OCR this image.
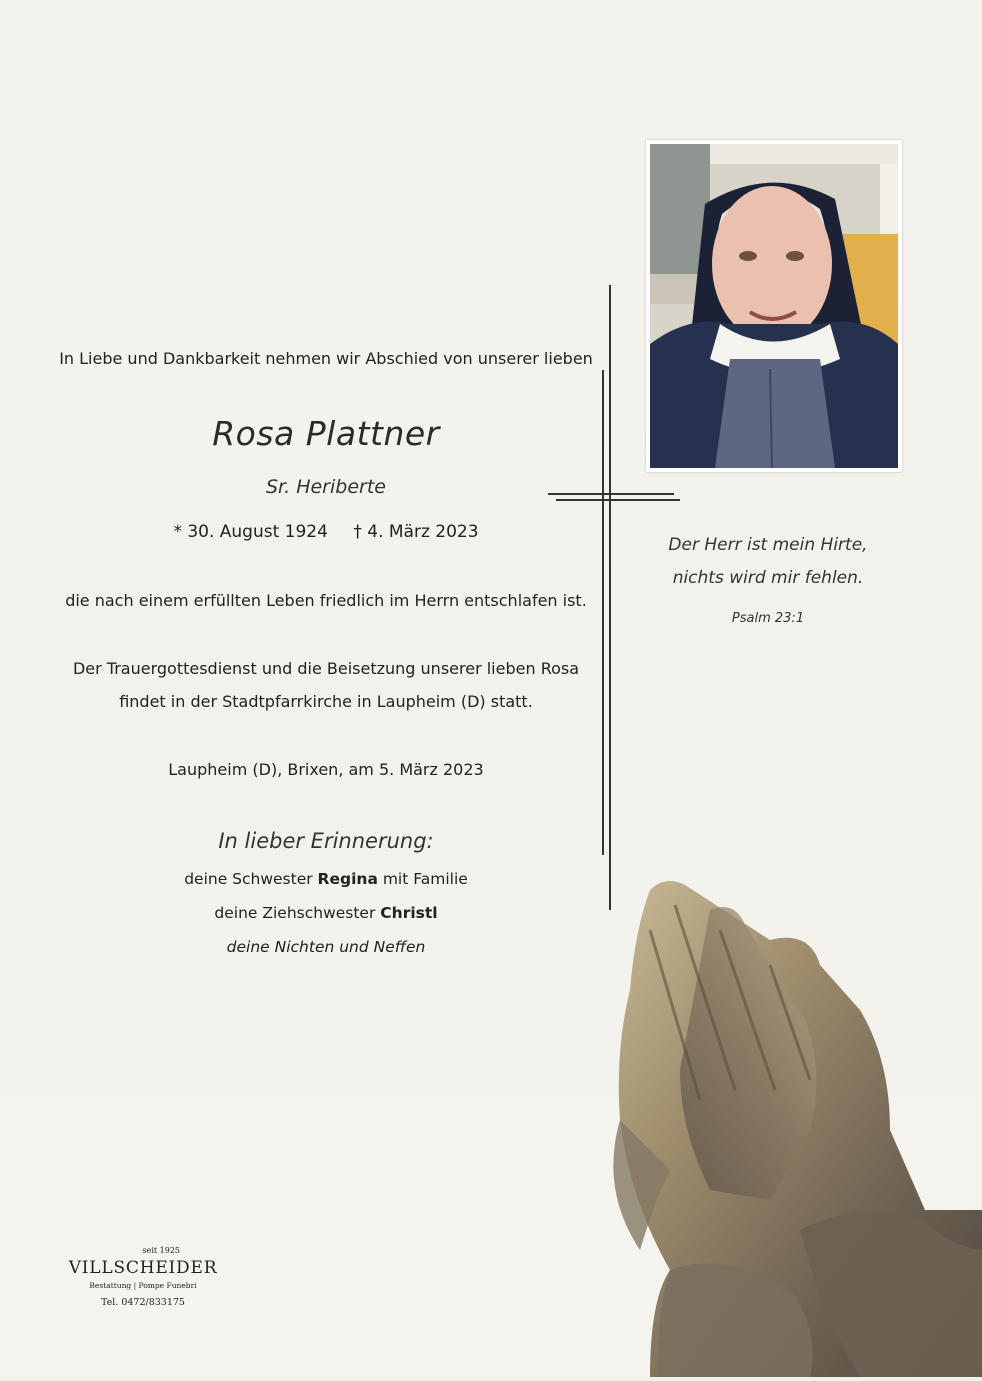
In Liebe und Dankbarkeit nehmen wir Abschied von unserer lieben
Rosa Plattner
Sr. Heriberte
* 30. August 1924 † 4. März 2023
die nach einem erfüllten Leben friedlich im Herrn entschlafen ist.
Der Trauergottesdienst und die Beisetzung unserer lieben Rosa
findet in der Stadtpfarrkirche in Laupheim (D) statt.
Laupheim (D), Brixen, am 5. März 2023
In lieber Erinnerung:
deine Schwester Regina mit Familie
deine Ziehschwester Christl
deine Nichten und Neffen
Der Herr ist mein Hirte,
nichts wird mir fehlen.
Psalm 23:1
seit 1925
VILLSCHEIDER
Bestattung | Pompe Funebri
Tel. 0472/833175
